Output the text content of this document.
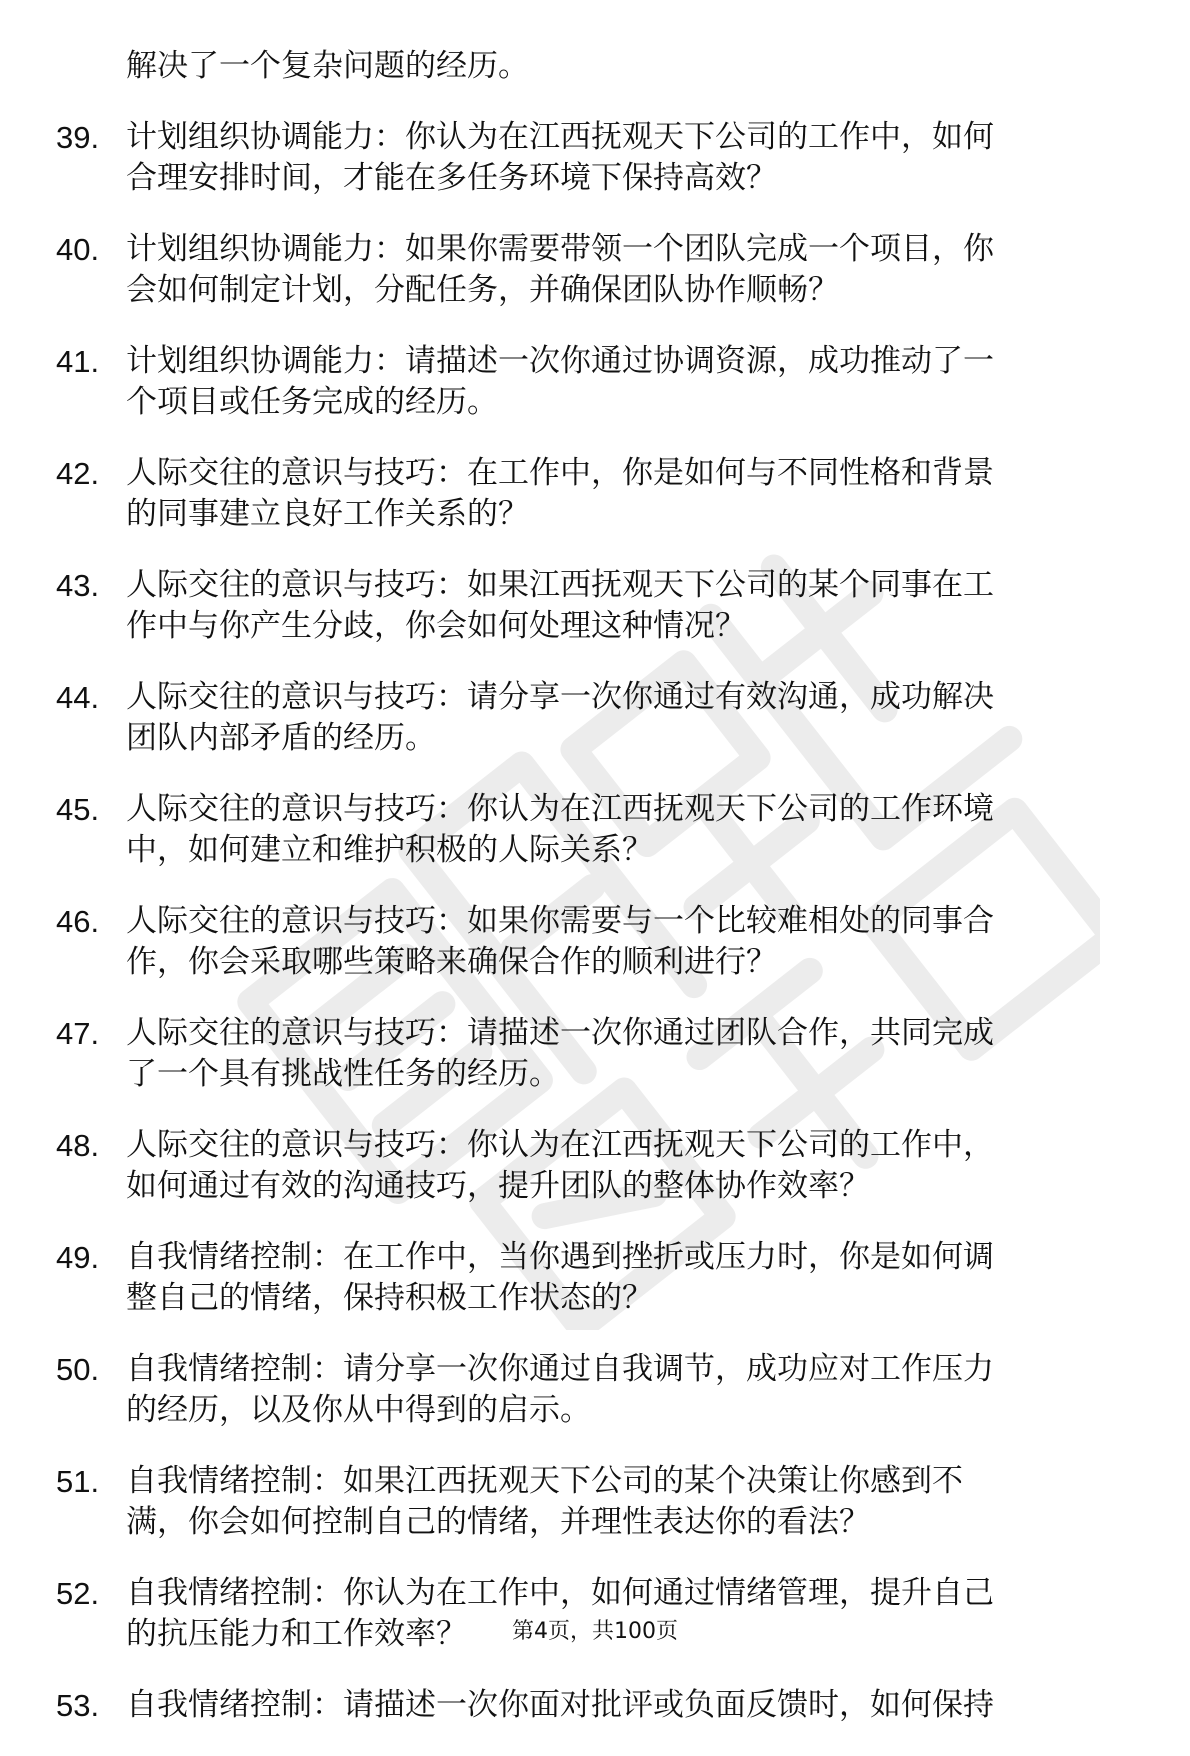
解决了一个复杂问题的经历。
39. 计划组织协调能力：你认为在江西抚观天下公司的工作中，如何
合理安排时间，才能在多任务环境下保持高效？
40. 计划组织协调能力：如果你需要带领一个团队完成一个项目，你
会如何制定计划，分配任务，并确保团队协作顺畅？
41. 计划组织协调能力：请描述一次你通过协调资源，成功推动了一
个项目或任务完成的经历。
42. 人际交往的意识与技巧：在工作中，你是如何与不同性格和背景
的同事建立良好工作关系的？
43. 人际交往的意识与技巧：如果江西抚观天下公司的某个同事在工
作中与你产生分歧，你会如何处理这种情况？
44. 人际交往的意识与技巧：请分享一次你通过有效沟通，成功解决
团队内部矛盾的经历。
45. 人际交往的意识与技巧：你认为在江西抚观天下公司的工作环境
中，如何建立和维护积极的人际关系？
46. 人际交往的意识与技巧：如果你需要与一个比较难相处的同事合
作，你会采取哪些策略来确保合作的顺利进行？
47. 人际交往的意识与技巧：请描述一次你通过团队合作，共同完成
了一个具有挑战性任务的经历。
48. 人际交往的意识与技巧：你认为在江西抚观天下公司的工作中，
如何通过有效的沟通技巧，提升团队的整体协作效率？
49. 自我情绪控制：在工作中，当你遇到挫折或压力时，你是如何调
整自己的情绪，保持积极工作状态的？
50. 自我情绪控制：请分享一次你通过自我调节，成功应对工作压力
的经历，以及你从中得到的启示。
51. 自我情绪控制：如果江西抚观天下公司的某个决策让你感到不
满，你会如何控制自己的情绪，并理性表达你的看法？
52. 自我情绪控制：你认为在工作中，如何通过情绪管理，提升自己
的抗压能力和工作效率？
53. 自我情绪控制：请描述一次你面对批评或负面反馈时，如何保持
第4页，共100页
